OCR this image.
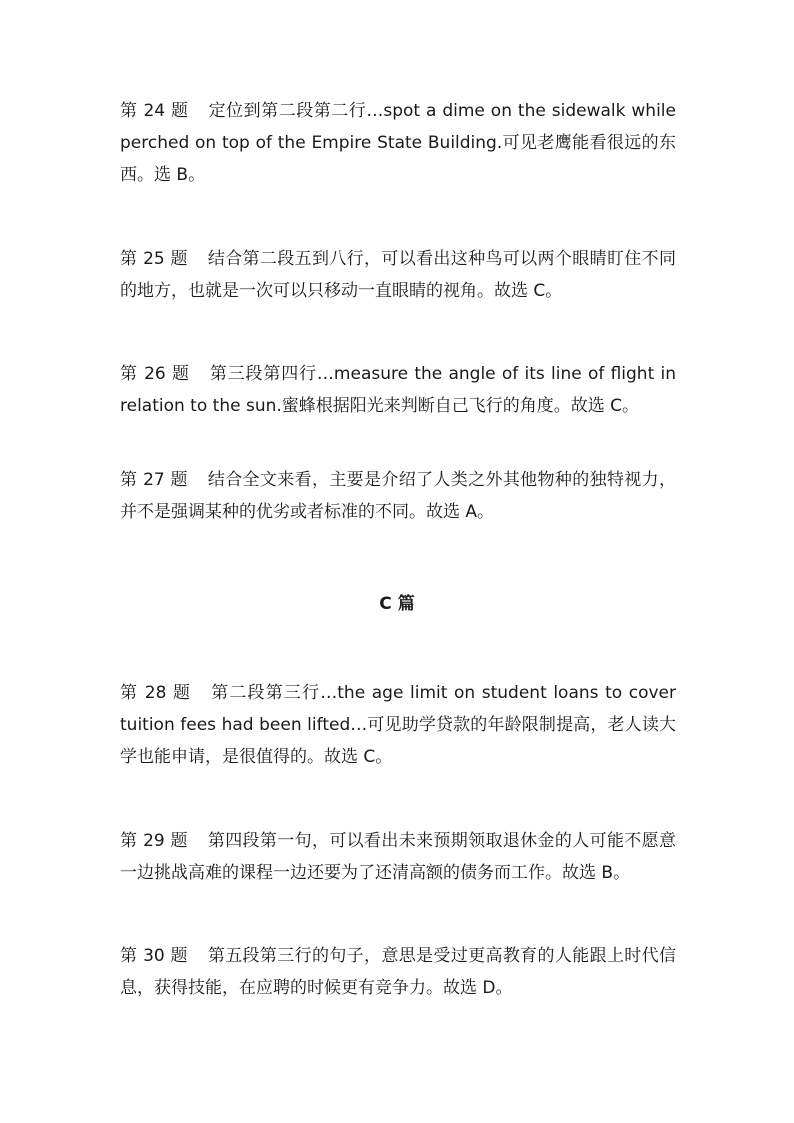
第 24 题 定位到第二段第二行…spot a dime on the sidewalk while perched on top of the Empire State Building.可见老鹰能看很远的东西。选 B。

第 25 题 结合第二段五到八行，可以看出这种鸟可以两个眼睛盯住不同的地方，也就是一次可以只移动一直眼睛的视角。故选 C。

第 26 题 第三段第四行…measure the angle of its line of flight in relation to the sun.蜜蜂根据阳光来判断自己飞行的角度。故选 C。

第 27 题 结合全文来看，主要是介绍了人类之外其他物种的独特视力，并不是强调某种的优劣或者标准的不同。故选 A。

C 篇

第 28 题 第二段第三行…the age limit on student loans to cover tuition fees had been lifted…可见助学贷款的年龄限制提高，老人读大学也能申请，是很值得的。故选 C。

第 29 题 第四段第一句，可以看出未来预期领取退休金的人可能不愿意一边挑战高难的课程一边还要为了还清高额的债务而工作。故选 B。

第 30 题 第五段第三行的句子，意思是受过更高教育的人能跟上时代信息，获得技能，在应聘的时候更有竞争力。故选 D。
